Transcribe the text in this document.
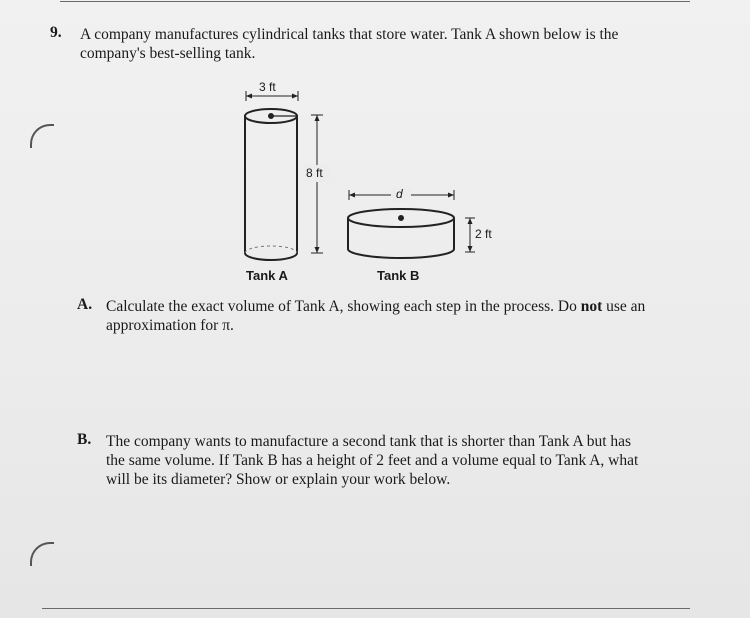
9. A company manufactures cylindrical tanks that store water. Tank A shown below is the
company's best-selling tank.
3 ft
8 ft
d
2 ft
Tank A	Tank B
A. Calculate the exact volume of Tank A, showing each step in the process. Do not use an
approximation for π.
B. The company wants to manufacture a second tank that is shorter than Tank A but has
the same volume. If Tank B has a height of 2 feet and a volume equal to Tank A, what
will be its diameter? Show or explain your work below.
